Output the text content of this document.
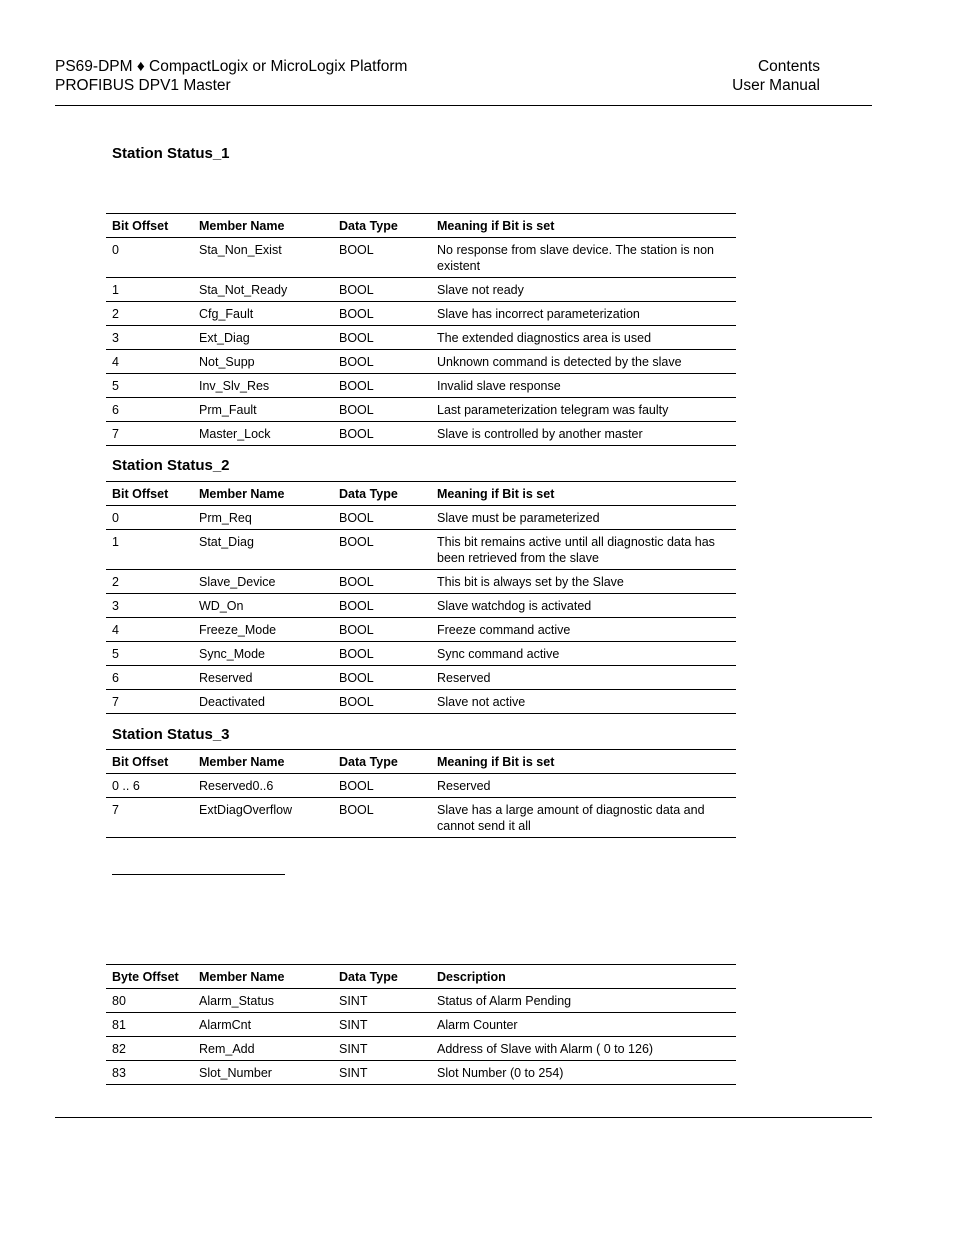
PS69-DPM ♦ CompactLogix or MicroLogix Platform
PROFIBUS DPV1 Master
Contents
User Manual
Station Status_1
Bit Offset	Member Name	Data Type	Meaning if Bit is set
0	Sta_Non_Exist	BOOL	No response from slave device. The station is non existent
1	Sta_Not_Ready	BOOL	Slave not ready
2	Cfg_Fault	BOOL	Slave has incorrect parameterization
3	Ext_Diag	BOOL	The extended diagnostics area is used
4	Not_Supp	BOOL	Unknown command is detected by the slave
5	Inv_Slv_Res	BOOL	Invalid slave response
6	Prm_Fault	BOOL	Last parameterization telegram was faulty
7	Master_Lock	BOOL	Slave is controlled by another master
Station Status_2
Bit Offset	Member Name	Data Type	Meaning if Bit is set
0	Prm_Req	BOOL	Slave must be parameterized
1	Stat_Diag	BOOL	This bit remains active until all diagnostic data has been retrieved from the slave
2	Slave_Device	BOOL	This bit is always set by the Slave
3	WD_On	BOOL	Slave watchdog is activated
4	Freeze_Mode	BOOL	Freeze command active
5	Sync_Mode	BOOL	Sync command active
6	Reserved	BOOL	Reserved
7	Deactivated	BOOL	Slave not active
Station Status_3
Bit Offset	Member Name	Data Type	Meaning if Bit is set
0 .. 6	Reserved0..6	BOOL	Reserved
7	ExtDiagOverflow	BOOL	Slave has a large amount of diagnostic data and cannot send it all
Byte Offset	Member Name	Data Type	Description
80	Alarm_Status	SINT	Status of Alarm Pending
81	AlarmCnt	SINT	Alarm Counter
82	Rem_Add	SINT	Address of Slave with Alarm ( 0 to 126)
83	Slot_Number	SINT	Slot Number (0 to 254)
